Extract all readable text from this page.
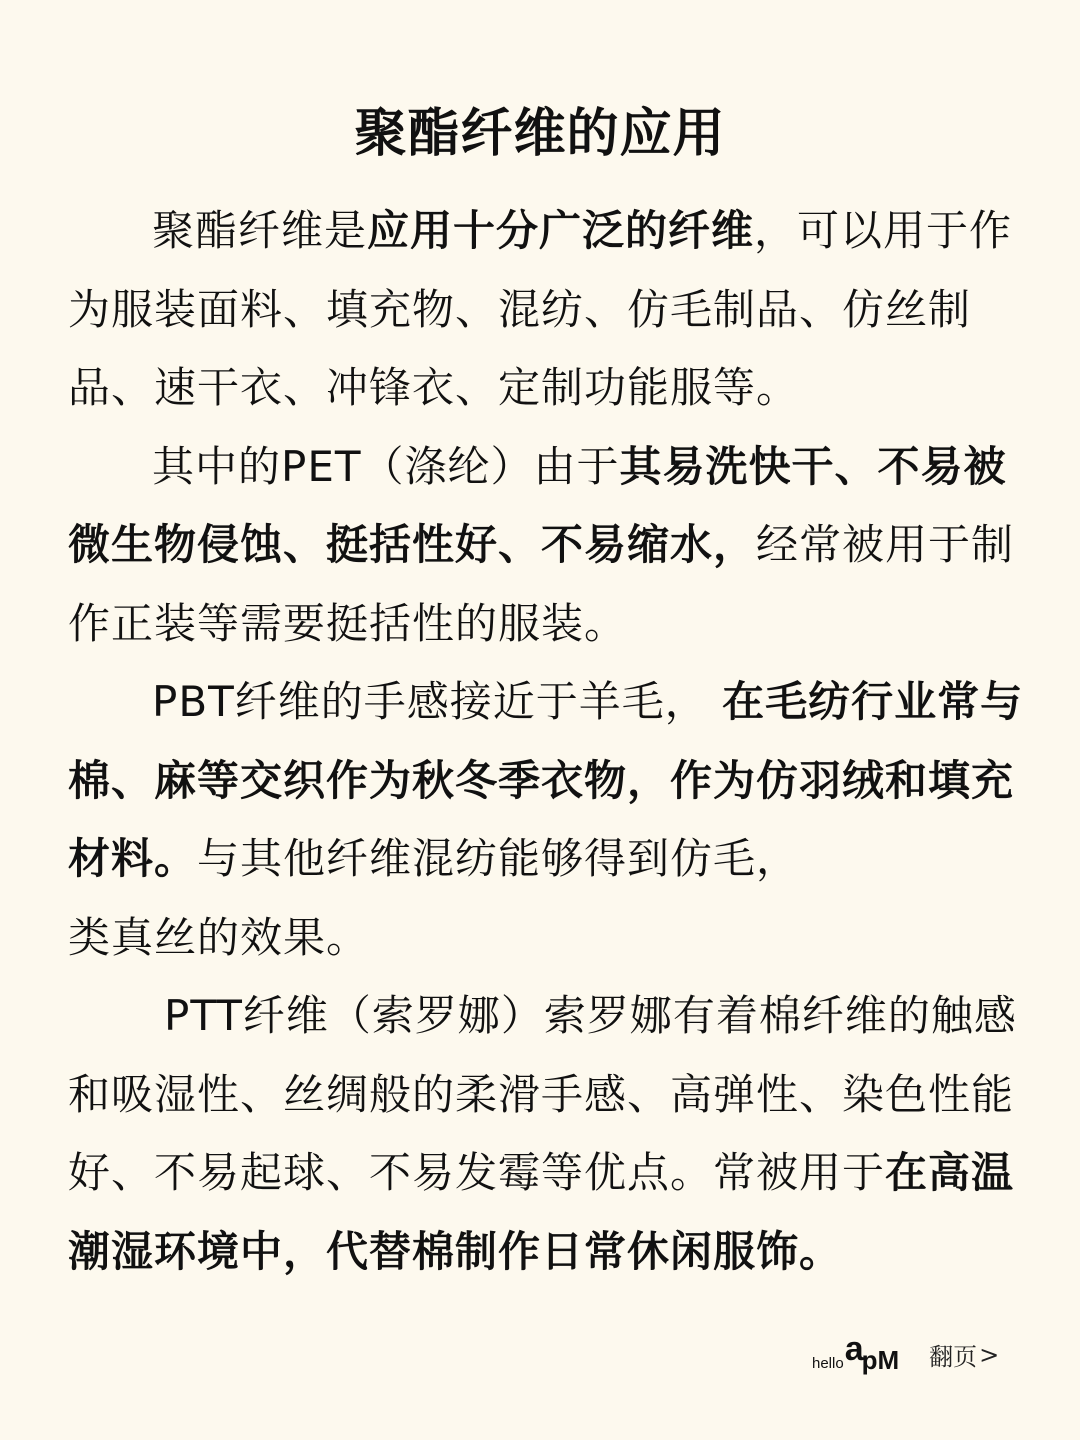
聚酯纤维的应用

聚酯纤维是应用十分广泛的纤维，可以用于作为服装面料、填充物、混纺、仿毛制品、仿丝制品、速干衣、冲锋衣、定制功能服等。

其中的PET（涤纶）由于其易洗快干、不易被微生物侵蚀、挺括性好、不易缩水，经常被用于制作正装等需要挺括性的服装。

PBT纤维的手感接近于羊毛， 在毛纺行业常与棉、麻等交织作为秋冬季衣物，作为仿羽绒和填充材料。与其他纤维混纺能够得到仿毛，
类真丝的效果。

PTT纤维（索罗娜）索罗娜有着棉纤维的触感和吸湿性、丝绸般的柔滑手感、高弹性、染色性能好、不易起球、不易发霉等优点。常被用于在高温潮湿环境中，代替棉制作日常休闲服饰。

hello a
pM 翻页 >
